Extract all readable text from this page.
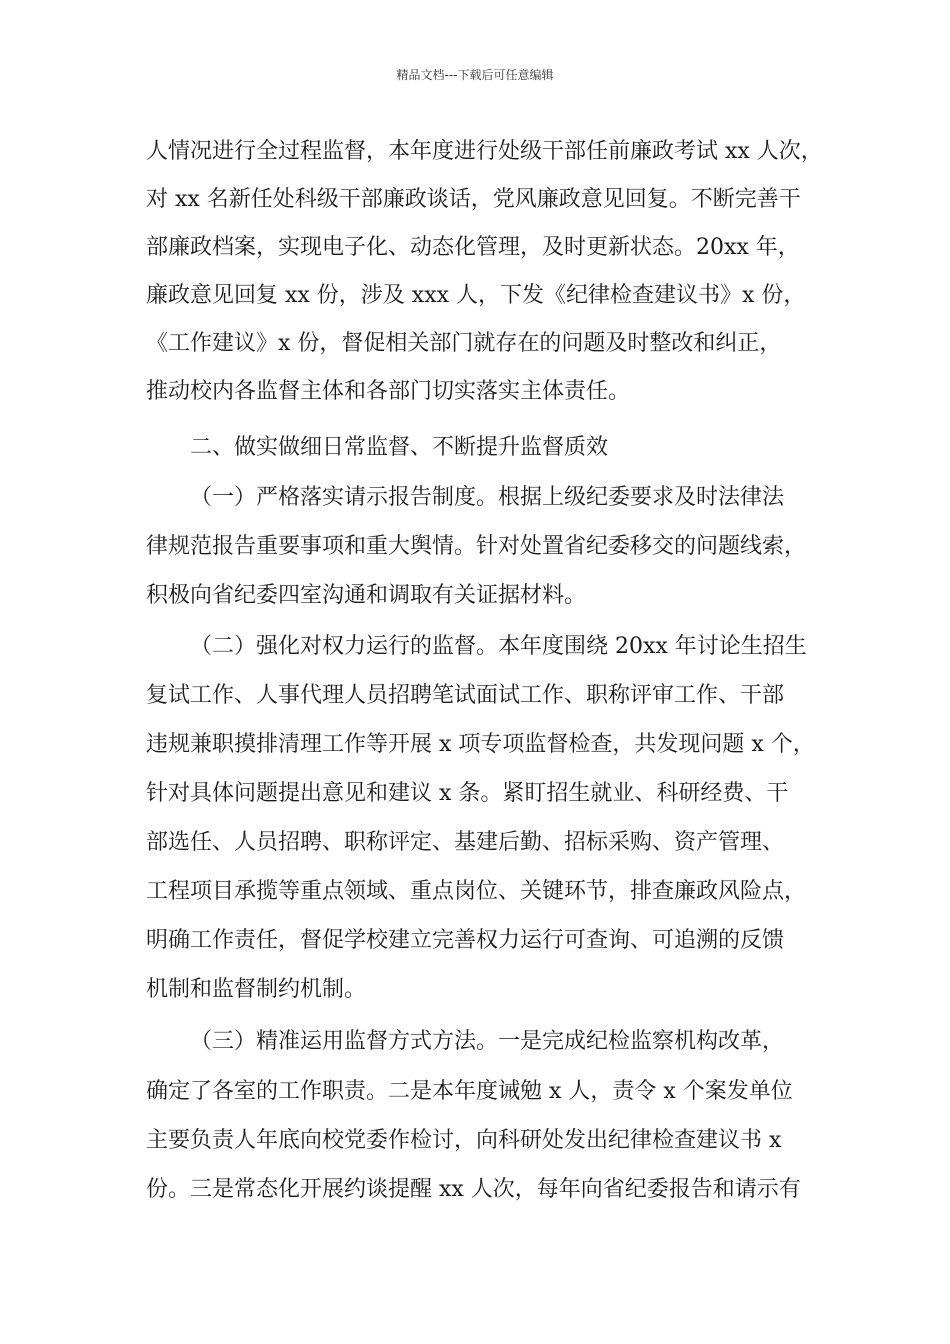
精品文档---下载后可任意编辑
人情况进行全过程监督，本年度进行处级干部任前廉政考试 xx 人次，
对 xx 名新任处科级干部廉政谈话，党风廉政意见回复。不断完善干
部廉政档案，实现电子化、动态化管理，及时更新状态。20xx 年，
廉政意见回复 xx 份，涉及 xxx 人，下发《纪律检查建议书》x 份，
《工作建议》x 份，督促相关部门就存在的问题及时整改和纠正，
推动校内各监督主体和各部门切实落实主体责任。
二、做实做细日常监督、不断提升监督质效
（一）严格落实请示报告制度。根据上级纪委要求及时法律法
律规范报告重要事项和重大舆情。针对处置省纪委移交的问题线索，
积极向省纪委四室沟通和调取有关证据材料。
（二）强化对权力运行的监督。本年度围绕 20xx 年讨论生招生
复试工作、人事代理人员招聘笔试面试工作、职称评审工作、干部
违规兼职摸排清理工作等开展 x 项专项监督检查，共发现问题 x 个，
针对具体问题提出意见和建议 x 条。紧盯招生就业、科研经费、干
部选任、人员招聘、职称评定、基建后勤、招标采购、资产管理、
工程项目承揽等重点领域、重点岗位、关键环节，排查廉政风险点，
明确工作责任，督促学校建立完善权力运行可查询、可追溯的反馈
机制和监督制约机制。
（三）精准运用监督方式方法。一是完成纪检监察机构改革，
确定了各室的工作职责。二是本年度诫勉 x 人，责令 x 个案发单位
主要负责人年底向校党委作检讨，向科研处发出纪律检查建议书 x
份。三是常态化开展约谈提醒 xx 人次，每年向省纪委报告和请示有
